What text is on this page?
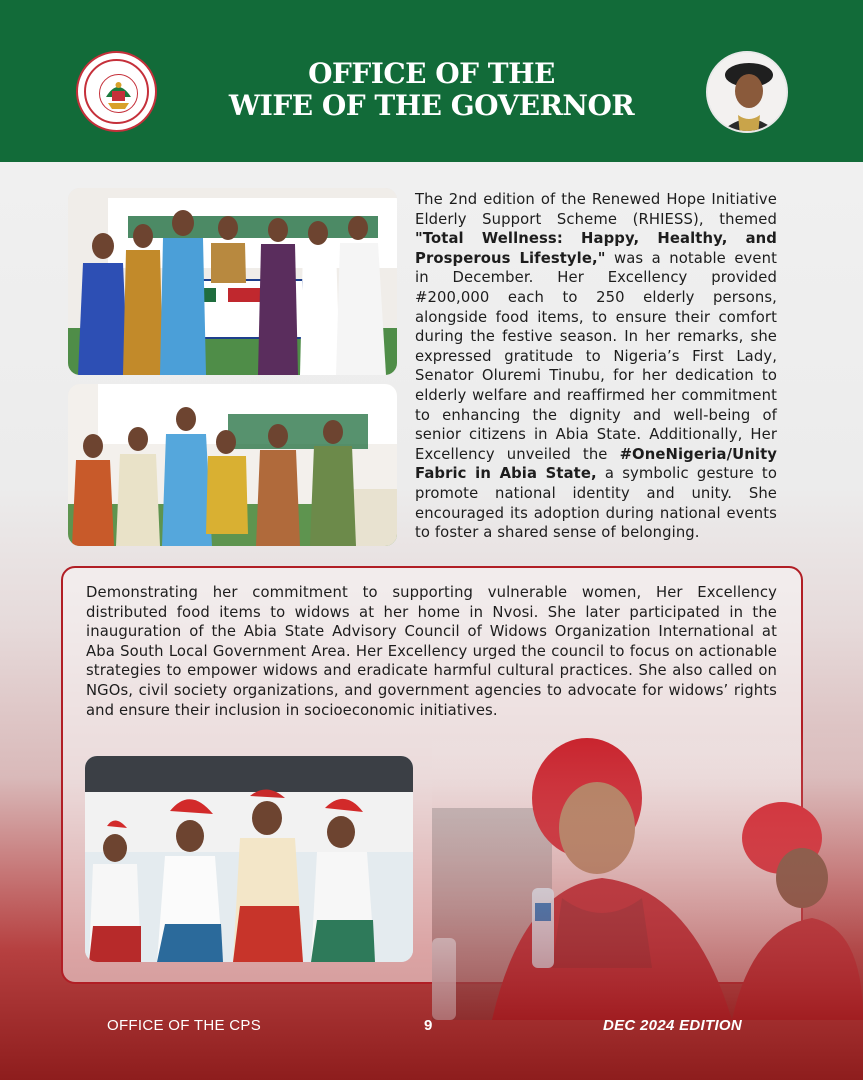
OFFICE OF THE
WIFE OF THE GOVERNOR
The 2nd edition of the Renewed Hope Initiative Elderly Support Scheme (RHIESS), themed "Total Wellness: Happy, Healthy, and Prosperous Lifestyle," was a notable event in December. Her Excellency provided #200,000 each to 250 elderly persons, alongside food items, to ensure their comfort during the festive season. In her remarks, she expressed gratitude to Nigeria’s First Lady, Senator Oluremi Tinubu, for her dedication to elderly welfare and reaffirmed her commitment to enhancing the dignity and well-being of senior citizens in Abia State. Additionally, Her Excellency unveiled the #OneNigeria/Unity Fabric in Abia State, a symbolic gesture to promote national identity and unity. She encouraged its adoption during national events to foster a shared sense of belonging.
Demonstrating her commitment to supporting vulnerable women, Her Excellency distributed food items to widows at her home in Nvosi. She later participated in the inauguration of the Abia State Advisory Council of Widows Organization International at Aba South Local Government Area. Her Excellency urged the council to focus on actionable strategies to empower widows and eradicate harmful cultural practices. She also called on NGOs, civil society organizations, and government agencies to advocate for widows’ rights and ensure their inclusion in socioeconomic initiatives.
OFFICE OF THE CPS	9	DEC 2024 EDITION
